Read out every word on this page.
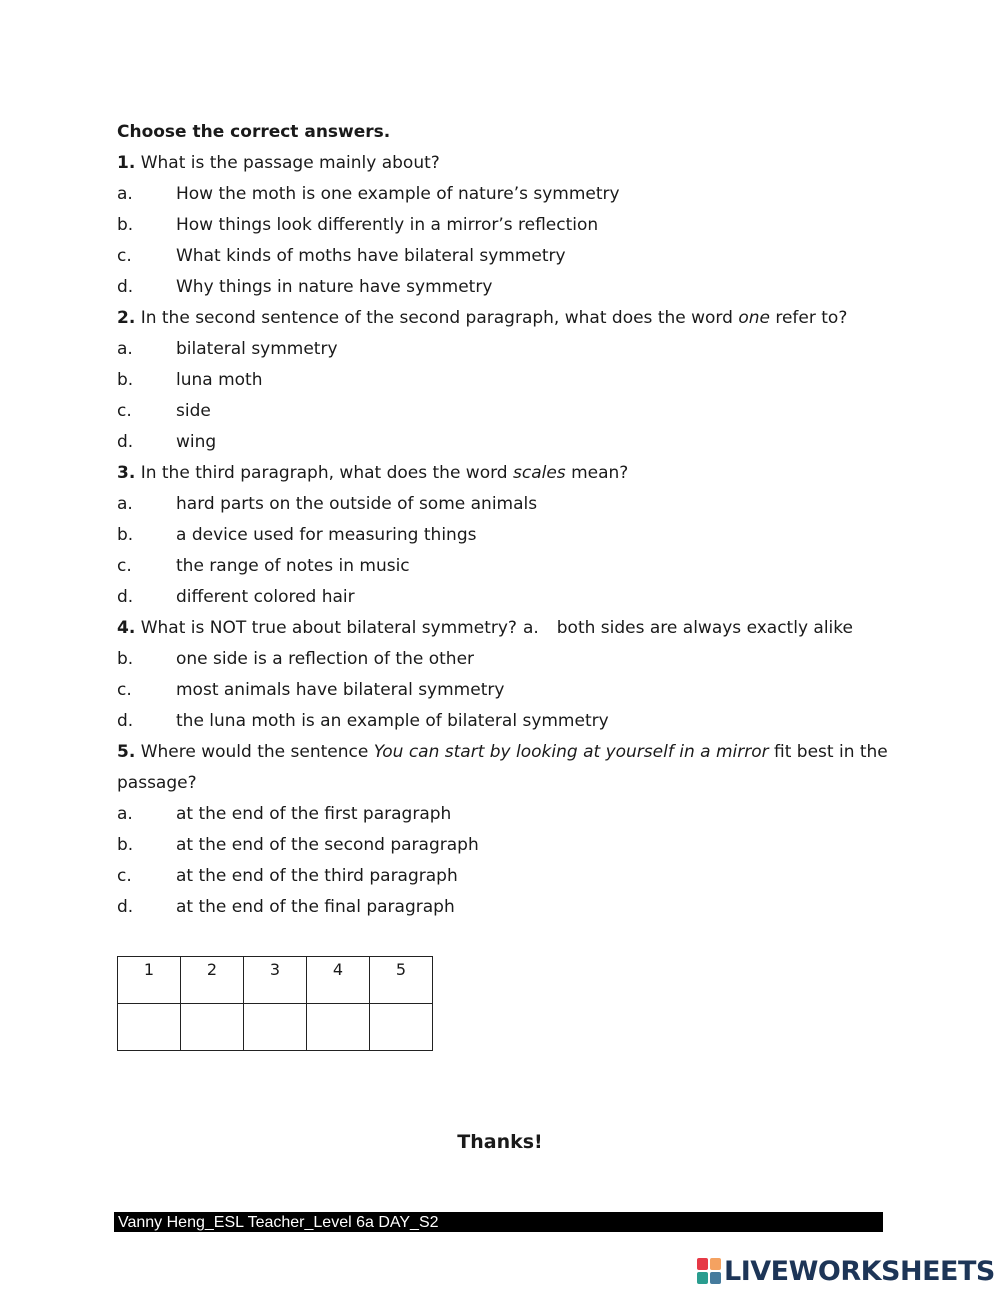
Choose the correct answers.
1. What is the passage mainly about?
a.	How the moth is one example of nature’s symmetry
b.	How things look differently in a mirror’s reflection
c.	What kinds of moths have bilateral symmetry
d.	Why things in nature have symmetry
2. In the second sentence of the second paragraph, what does the word one refer to?
a.	bilateral symmetry
b.	luna moth
c.	side
d.	wing
3. In the third paragraph, what does the word scales mean?
a.	hard parts on the outside of some animals
b.	a device used for measuring things
c.	the range of notes in music
d.	different colored hair
4. What is NOT true about bilateral symmetry? a. both sides are always exactly alike
b.	one side is a reflection of the other
c.	most animals have bilateral symmetry
d.	the luna moth is an example of bilateral symmetry
5. Where would the sentence You can start by looking at yourself in a mirror fit best in the
passage?
a.	at the end of the first paragraph
b.	at the end of the second paragraph
c.	at the end of the third paragraph
d.	at the end of the final paragraph
1	2	3	4	5

Thanks!
Vanny Heng_ESL Teacher_Level 6a DAY_S2
LIVEWORKSHEETS
